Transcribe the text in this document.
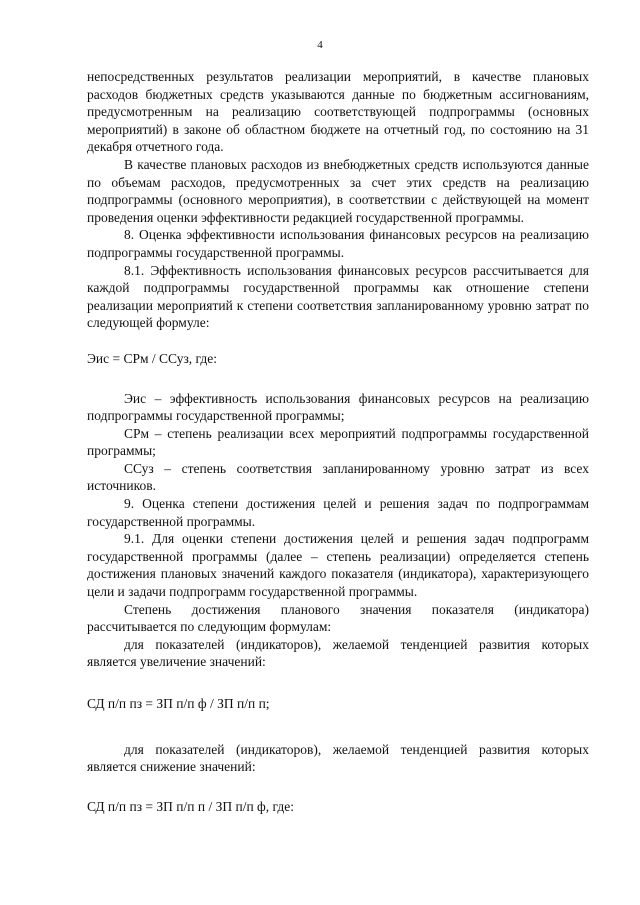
4

непосредственных результатов реализации мероприятий, в качестве плановых расходов бюджетных средств указываются данные по бюджетным ассигнованиям, предусмотренным на реализацию соответствующей подпрограммы (основных мероприятий) в законе об областном бюджете на отчетный год, по состоянию на 31 декабря отчетного года.

В качестве плановых расходов из внебюджетных средств используются данные по объемам расходов, предусмотренных за счет этих средств на реализацию подпрограммы (основного мероприятия), в соответствии с действующей на момент проведения оценки эффективности редакцией государственной программы.

8. Оценка эффективности использования финансовых ресурсов на реализацию подпрограммы государственной программы.

8.1. Эффективность использования финансовых ресурсов рассчитывается для каждой подпрограммы государственной программы как отношение степени реализации мероприятий к степени соответствия запланированному уровню затрат по следующей формуле:

Эис = СРм / ССуз, где:

Эис – эффективность использования финансовых ресурсов на реализацию подпрограммы государственной программы;

СРм – степень реализации всех мероприятий подпрограммы государственной программы;

ССуз – степень соответствия запланированному уровню затрат из всех источников.

9. Оценка степени достижения целей и решения задач по подпрограммам государственной программы.

9.1. Для оценки степени достижения целей и решения задач подпрограмм государственной программы (далее – степень реализации) определяется степень достижения плановых значений каждого показателя (индикатора), характеризующего цели и задачи подпрограмм государственной программы.

Степень достижения планового значения показателя (индикатора) рассчитывается по следующим формулам:

для показателей (индикаторов), желаемой тенденцией развития которых является увеличение значений:

СД п/п пз = ЗП п/п ф / ЗП п/п п;

для показателей (индикаторов), желаемой тенденцией развития которых является снижение значений:

СД п/п пз = ЗП п/п п / ЗП п/п ф, где:
